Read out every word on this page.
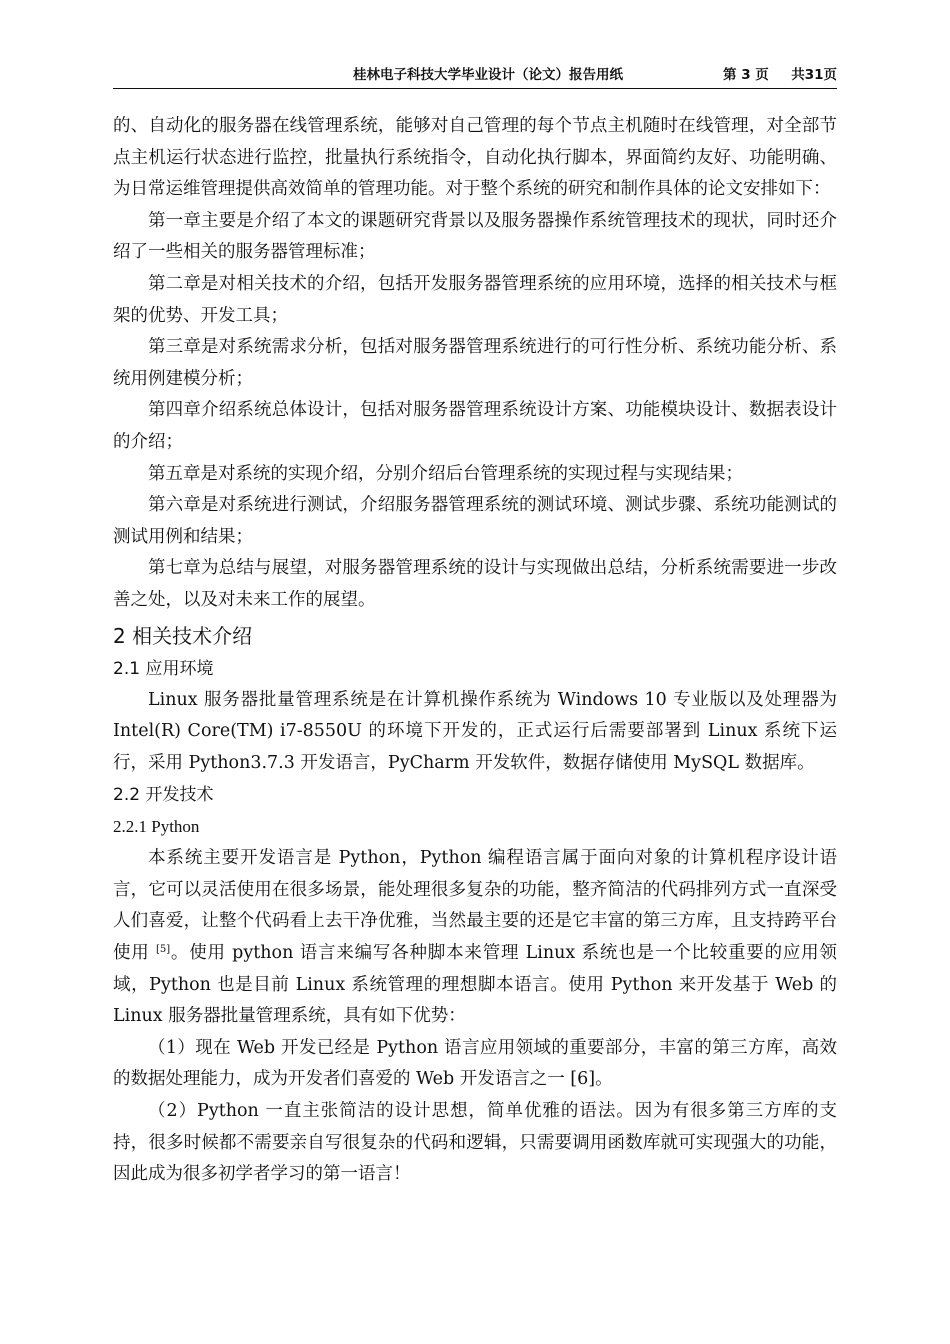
桂林电子科技大学毕业设计（论文）报告用纸	第 3 页 共31页

的、自动化的服务器在线管理系统，能够对自己管理的每个节点主机随时在线管理，对全部节点主机运行状态进行监控，批量执行系统指令，自动化执行脚本，界面简约友好、功能明确、为日常运维管理提供高效简单的管理功能。对于整个系统的研究和制作具体的论文安排如下：

第一章主要是介绍了本文的课题研究背景以及服务器操作系统管理技术的现状，同时还介绍了一些相关的服务器管理标准；

第二章是对相关技术的介绍，包括开发服务器管理系统的应用环境，选择的相关技术与框架的优势、开发工具；

第三章是对系统需求分析，包括对服务器管理系统进行的可行性分析、系统功能分析、系统用例建模分析；

第四章介绍系统总体设计，包括对服务器管理系统设计方案、功能模块设计、数据表设计的介绍；

第五章是对系统的实现介绍，分别介绍后台管理系统的实现过程与实现结果；

第六章是对系统进行测试，介绍服务器管理系统的测试环境、测试步骤、系统功能测试的测试用例和结果；

第七章为总结与展望，对服务器管理系统的设计与实现做出总结，分析系统需要进一步改善之处，以及对未来工作的展望。

2 相关技术介绍
2.1 应用环境

Linux 服务器批量管理系统是在计算机操作系统为 Windows 10 专业版以及处理器为 Intel(R) Core(TM) i7-8550U 的环境下开发的，正式运行后需要部署到 Linux 系统下运行，采用 Python3.7.3 开发语言，PyCharm 开发软件，数据存储使用 MySQL 数据库。

2.2 开发技术
2.2.1 Python

本系统主要开发语言是 Python，Python 编程语言属于面向对象的计算机程序设计语言，它可以灵活使用在很多场景，能处理很多复杂的功能，整齐简洁的代码排列方式一直深受人们喜爱，让整个代码看上去干净优雅，当然最主要的还是它丰富的第三方库，且支持跨平台使用 [5]。使用 python 语言来编写各种脚本来管理 Linux 系统也是一个比较重要的应用领域，Python 也是目前 Linux 系统管理的理想脚本语言。使用 Python 来开发基于 Web 的 Linux 服务器批量管理系统，具有如下优势：

（1）现在 Web 开发已经是 Python 语言应用领域的重要部分，丰富的第三方库，高效的数据处理能力，成为开发者们喜爱的 Web 开发语言之一 [6]。

（2）Python 一直主张简洁的设计思想，简单优雅的语法。因为有很多第三方库的支持，很多时候都不需要亲自写很复杂的代码和逻辑，只需要调用函数库就可实现强大的功能，因此成为很多初学者学习的第一语言！
